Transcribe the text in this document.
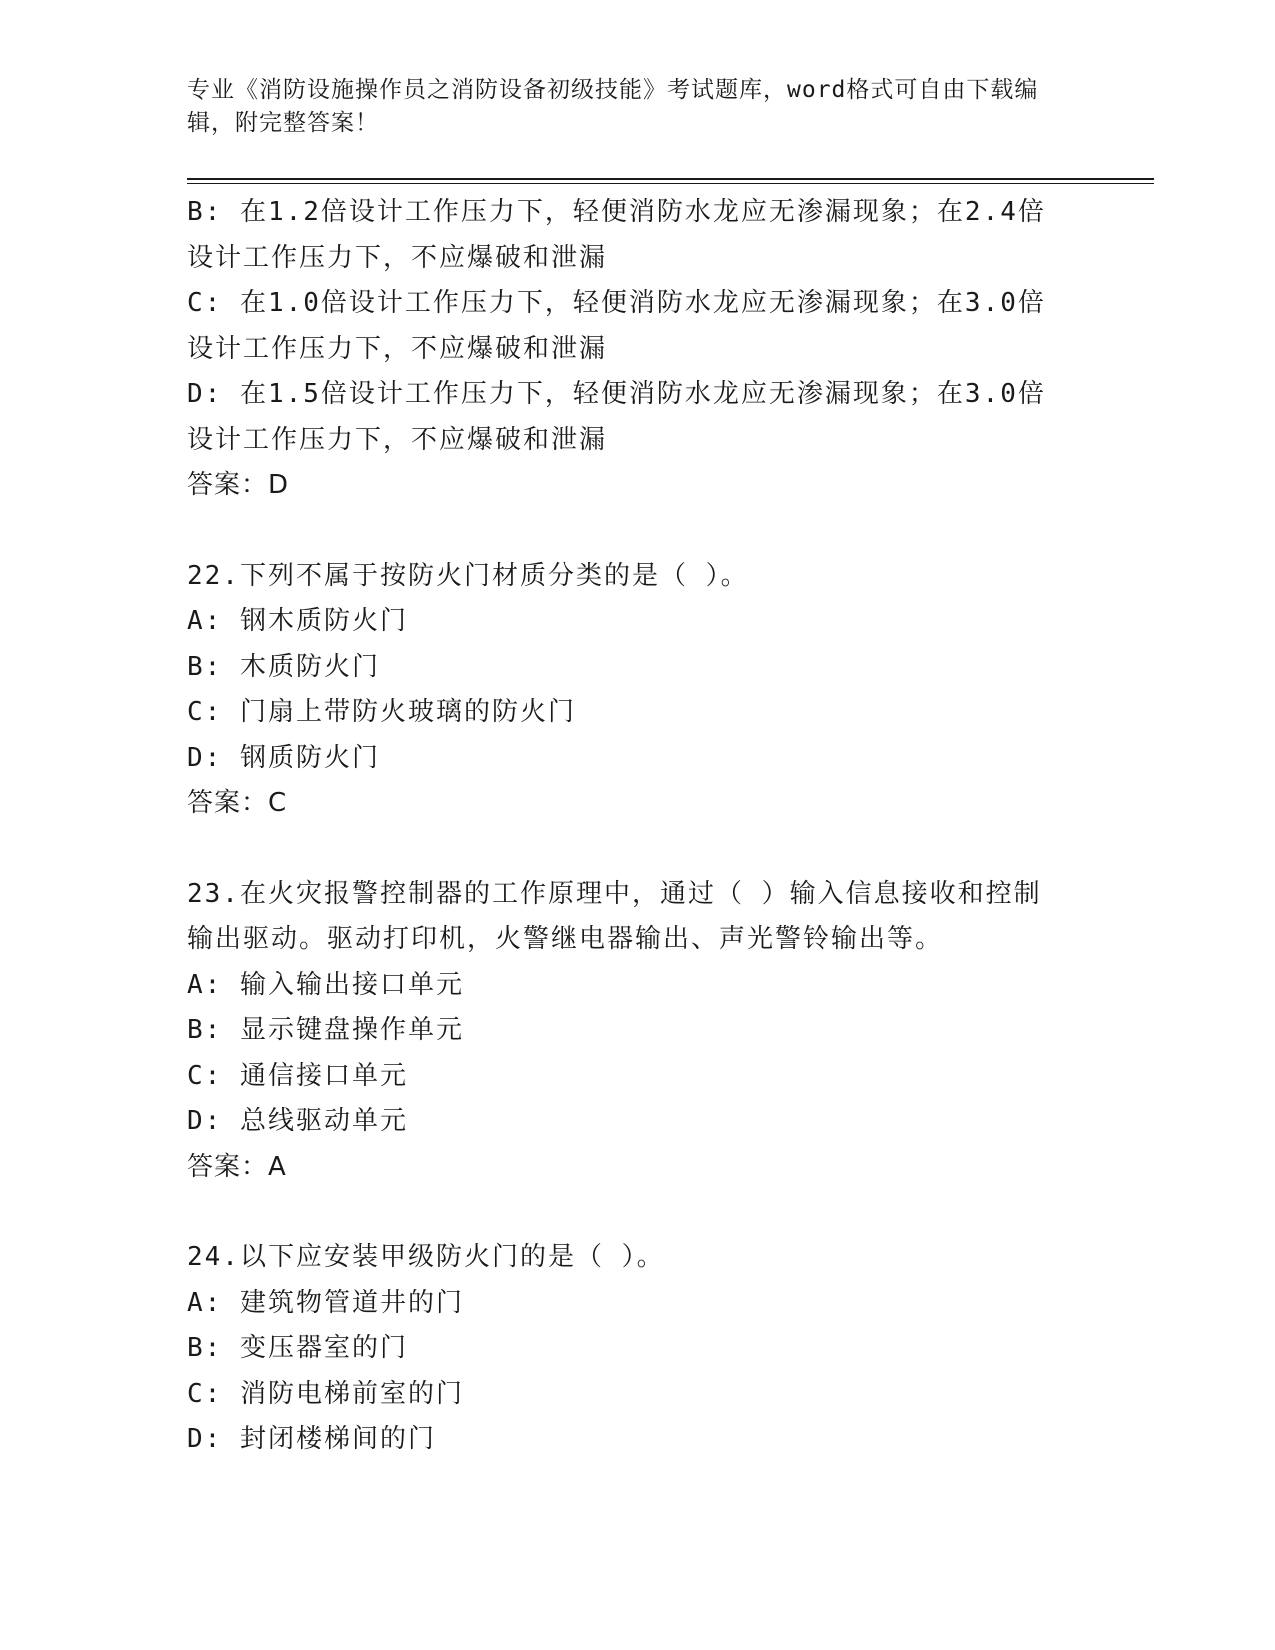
专业《消防设施操作员之消防设备初级技能》考试题库，word格式可自由下载编
辑，附完整答案！
B: 在1.2倍设计工作压力下，轻便消防水龙应无渗漏现象；在2.4倍
设计工作压力下，不应爆破和泄漏
C: 在1.0倍设计工作压力下，轻便消防水龙应无渗漏现象；在3.0倍
设计工作压力下，不应爆破和泄漏
D: 在1.5倍设计工作压力下，轻便消防水龙应无渗漏现象；在3.0倍
设计工作压力下，不应爆破和泄漏
答案：D
22.下列不属于按防火门材质分类的是（ ）。
A: 钢木质防火门
B: 木质防火门
C: 门扇上带防火玻璃的防火门
D: 钢质防火门
答案：C
23.在火灾报警控制器的工作原理中，通过（ ）输入信息接收和控制
输出驱动。驱动打印机，火警继电器输出、声光警铃输出等。
A: 输入输出接口单元
B: 显示键盘操作单元
C: 通信接口单元
D: 总线驱动单元
答案：A
24.以下应安装甲级防火门的是（ ）。
A: 建筑物管道井的门
B: 变压器室的门
C: 消防电梯前室的门
D: 封闭楼梯间的门
